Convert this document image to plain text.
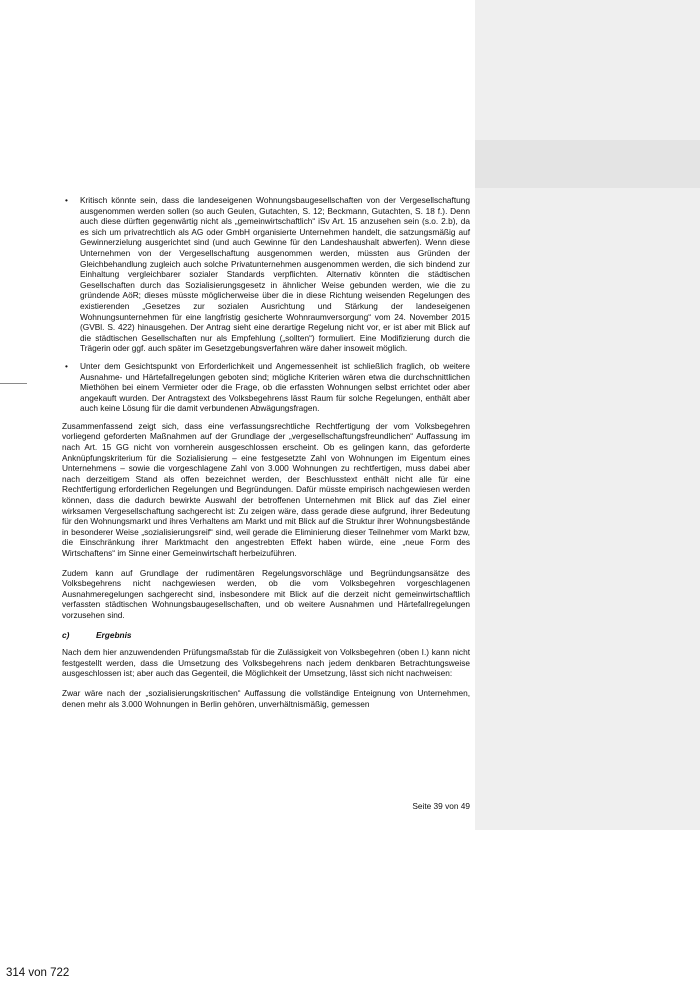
• Kritisch könnte sein, dass die landeseigenen Wohnungsbaugesellschaften von der Vergesellschaftung ausgenommen werden sollen (so auch Geulen, Gutachten, S. 12; Beckmann, Gutachten, S. 18 f.). Denn auch diese dürften gegenwärtig nicht als „gemeinwirtschaftlich“ iSv Art. 15 anzusehen sein (s.o. 2.b), da es sich um privatrechtlich als AG oder GmbH organisierte Unternehmen handelt, die satzungsmäßig auf Gewinnerzielung ausgerichtet sind (und auch Gewinne für den Landeshaushalt abwerfen). Wenn diese Unternehmen von der Vergesellschaftung ausgenommen werden, müssten aus Gründen der Gleichbehandlung zugleich auch solche Privatunternehmen ausgenommen werden, die sich bindend zur Einhaltung vergleichbarer sozialer Standards verpflichten. Alternativ könnten die städtischen Gesellschaften durch das Sozialisierungsgesetz in ähnlicher Weise gebunden werden, wie die zu gründende AöR; dieses müsste möglicherweise über die in diese Richtung weisenden Regelungen des existierenden „Gesetzes zur sozialen Ausrichtung und Stärkung der landeseigenen Wohnungsunternehmen für eine langfristig gesicherte Wohnraumversorgung“ vom 24. November 2015 (GVBl. S. 422) hinausgehen. Der Antrag sieht eine derartige Regelung nicht vor, er ist aber mit Blick auf die städtischen Gesellschaften nur als Empfehlung („sollten“) formuliert. Eine Modifizierung durch die Trägerin oder ggf. auch später im Gesetzgebungsverfahren wäre daher insoweit möglich.
• Unter dem Gesichtspunkt von Erforderlichkeit und Angemessenheit ist schließlich fraglich, ob weitere Ausnahme- und Härtefallregelungen geboten sind; mögliche Kriterien wären etwa die durchschnittlichen Miethöhen bei einem Vermieter oder die Frage, ob die erfassten Wohnungen selbst errichtet oder aber angekauft wurden. Der Antragstext des Volksbegehrens lässt Raum für solche Regelungen, enthält aber auch keine Lösung für die damit verbundenen Abwägungsfragen.

Zusammenfassend zeigt sich, dass eine verfassungsrechtliche Rechtfertigung der vom Volksbegehren vorliegend geforderten Maßnahmen auf der Grundlage der „vergesellschaftungsfreundlichen“ Auffassung im nach Art. 15 GG nicht von vornherein ausgeschlossen erscheint. Ob es gelingen kann, das geforderte Anknüpfungskriterium für die Sozialisierung – eine festgesetzte Zahl von Wohnungen im Eigentum eines Unternehmens – sowie die vorgeschlagene Zahl von 3.000 Wohnungen zu rechtfertigen, muss dabei aber nach derzeitigem Stand als offen bezeichnet werden, der Beschlusstext enthält nicht alle für eine Rechtfertigung erforderlichen Regelungen und Begründungen. Dafür müsste empirisch nachgewiesen werden können, dass die dadurch bewirkte Auswahl der betroffenen Unternehmen mit Blick auf das Ziel einer wirksamen Vergesellschaftung sachgerecht ist: Zu zeigen wäre, dass gerade diese aufgrund, ihrer Bedeutung für den Wohnungsmarkt und ihres Verhaltens am Markt und mit Blick auf die Struktur ihrer Wohnungsbestände in besonderer Weise „sozialisierungsreif“ sind, weil gerade die Eliminierung dieser Teilnehmer vom Markt bzw, die Einschränkung ihrer Marktmacht den angestrebten Effekt haben würde, eine „neue Form des Wirtschaftens“ im Sinne einer Gemeinwirtschaft herbeizuführen.

Zudem kann auf Grundlage der rudimentären Regelungsvorschläge und Begründungsansätze des Volksbegehrens nicht nachgewiesen werden, ob die vom Volksbegehren vorgeschlagenen Ausnahmeregelungen sachgerecht sind, insbesondere mit Blick auf die derzeit nicht gemeinwirtschaftlich verfassten städtischen Wohnungsbaugesellschaften, und ob weitere Ausnahmen und Härtefallregelungen vorzusehen sind.

c)	Ergebnis

Nach dem hier anzuwendenden Prüfungsmaßstab für die Zulässigkeit von Volksbegehren (oben I.) kann nicht festgestellt werden, dass die Umsetzung des Volksbegehrens nach jedem denkbaren Betrachtungsweise ausgeschlossen ist; aber auch das Gegenteil, die Möglichkeit der Umsetzung, lässt sich nicht nachweisen:

Zwar wäre nach der „sozialisierungskritischen“ Auffassung die vollständige Enteignung von Unternehmen, denen mehr als 3.000 Wohnungen in Berlin gehören, unverhältnismäßig, gemessen

Seite 39 von 49
314 von 722
